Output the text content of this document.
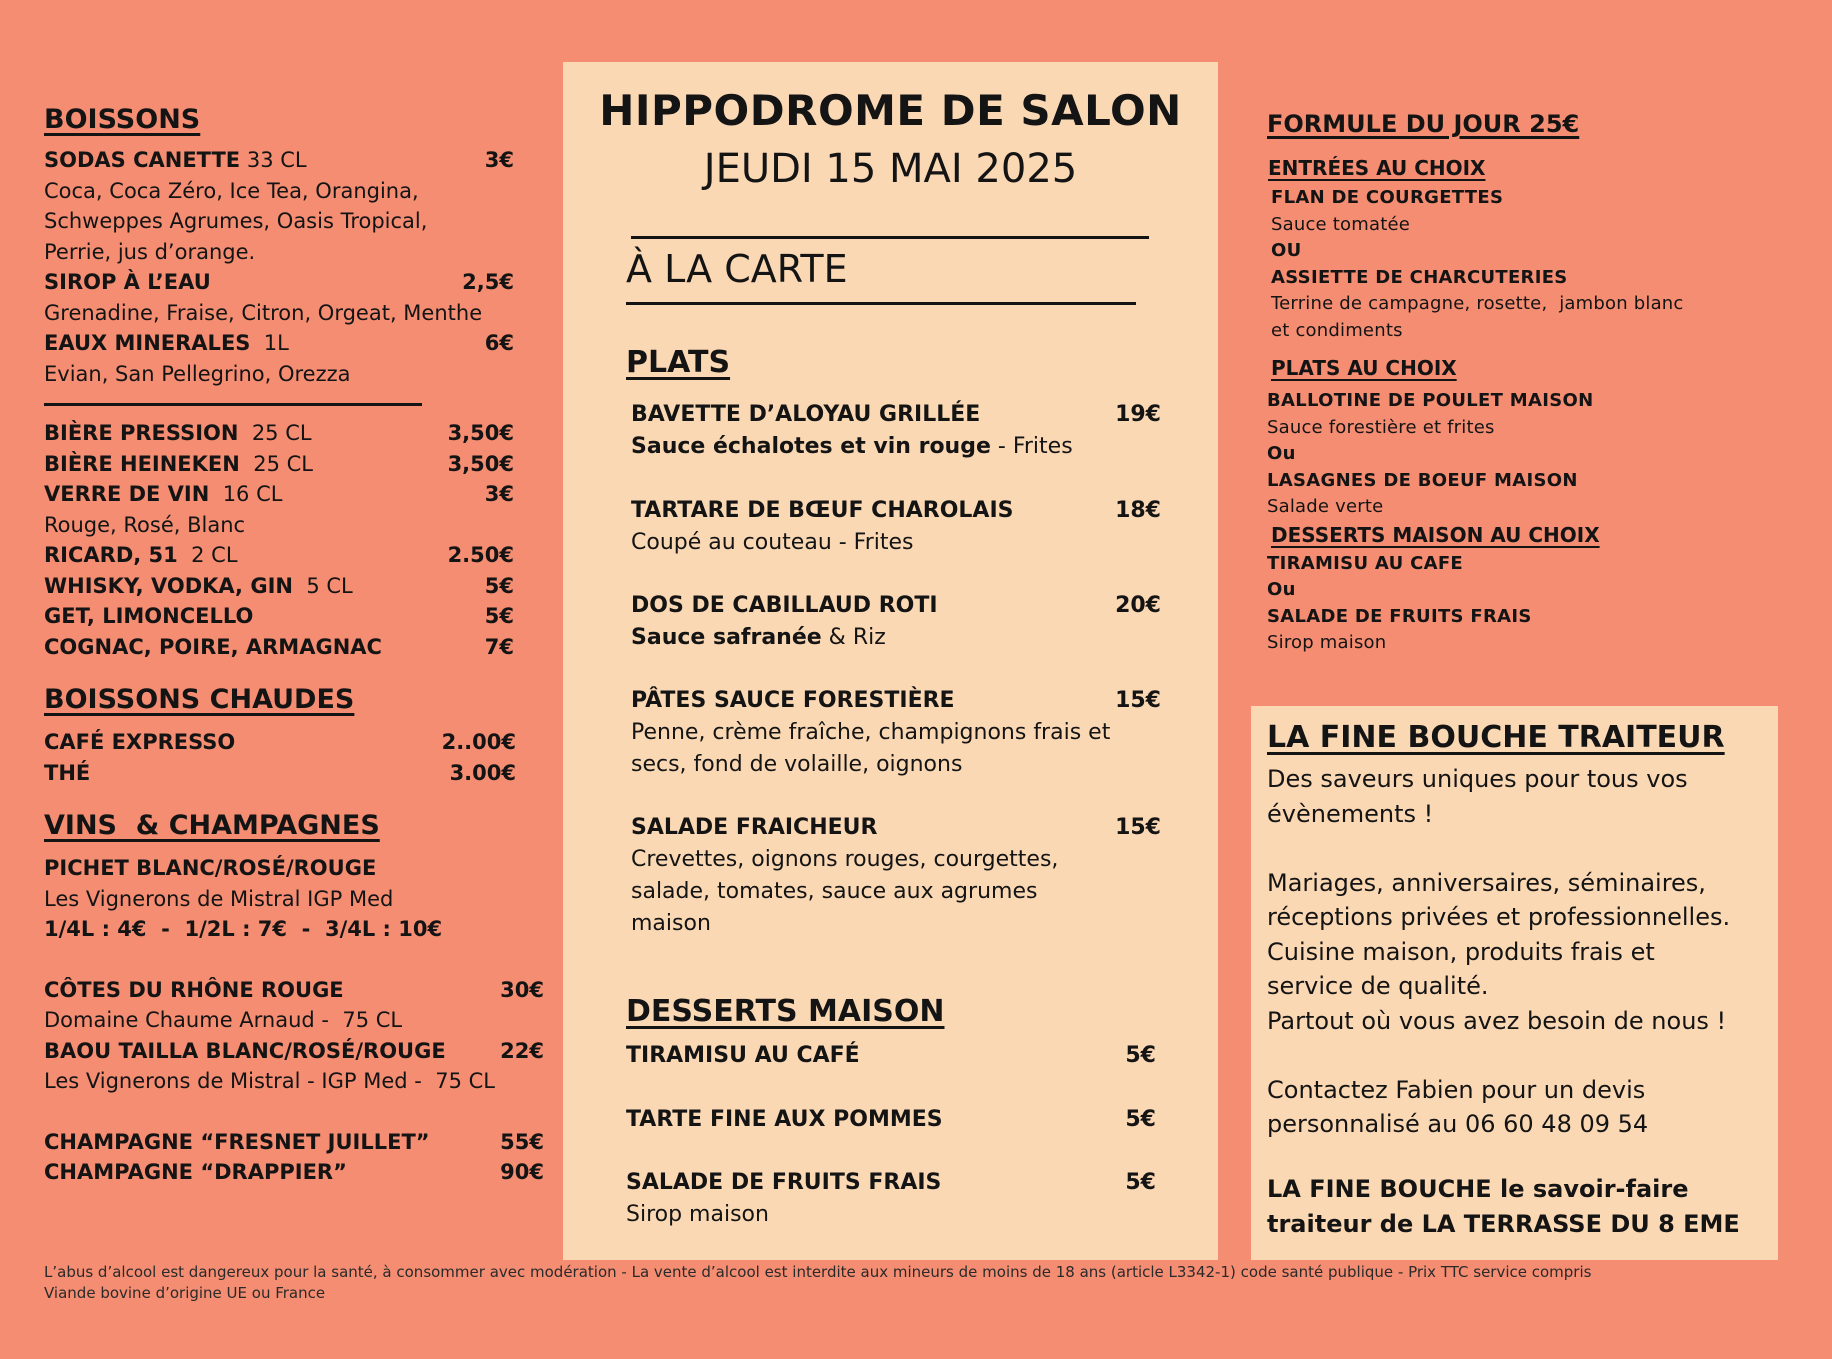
BOISSONS
SODAS CANETTE 33 CL	3€
Coca, Coca Zéro, Ice Tea, Orangina,
Schweppes Agrumes, Oasis Tropical,
Perrie, jus d’orange.
SIROP À L’EAU	2,5€
Grenadine, Fraise, Citron, Orgeat, Menthe
EAUX MINERALES 1L	6€
Evian, San Pellegrino, Orezza
BIÈRE PRESSION 25 CL	3,50€
BIÈRE HEINEKEN 25 CL	3,50€
VERRE DE VIN 16 CL	3€
Rouge, Rosé, Blanc
RICARD, 51 2 CL	2.50€
WHISKY, VODKA, GIN 5 CL	5€
GET, LIMONCELLO	5€
COGNAC, POIRE, ARMAGNAC	7€
BOISSONS CHAUDES
CAFÉ EXPRESSO	2..00€
THÉ	3.00€
VINS  & CHAMPAGNES
PICHET BLANC/ROSÉ/ROUGE
Les Vignerons de Mistral IGP Med
1/4L : 4€  -  1/2L : 7€  -  3/4L : 10€
CÔTES DU RHÔNE ROUGE	30€
Domaine Chaume Arnaud -  75 CL
BAOU TAILLA BLANC/ROSÉ/ROUGE	22€
Les Vignerons de Mistral - IGP Med -  75 CL
CHAMPAGNE “FRESNET JUILLET”	55€
CHAMPAGNE “DRAPPIER”	90€
HIPPODROME DE SALON
JEUDI 15 MAI 2025
À LA CARTE
PLATS
BAVETTE D’ALOYAU GRILLÉE	19€
Sauce échalotes et vin rouge - Frites
TARTARE DE BŒUF CHAROLAIS	18€
Coupé au couteau - Frites
DOS DE CABILLAUD ROTI	20€
Sauce safranée & Riz
PÂTES SAUCE FORESTIÈRE	15€
Penne, crème fraîche, champignons frais et
secs, fond de volaille, oignons
SALADE FRAICHEUR	15€
Crevettes, oignons rouges, courgettes,
salade, tomates, sauce aux agrumes
maison
DESSERTS MAISON
TIRAMISU AU CAFÉ	5€
TARTE FINE AUX POMMES	5€
SALADE DE FRUITS FRAIS	5€
Sirop maison
FORMULE DU JOUR 25€
ENTRÉES AU CHOIX
FLAN DE COURGETTES
Sauce tomatée
OU
ASSIETTE DE CHARCUTERIES
Terrine de campagne, rosette,  jambon blanc
et condiments
PLATS AU CHOIX
BALLOTINE DE POULET MAISON
Sauce forestière et frites
Ou
LASAGNES DE BOEUF MAISON
Salade verte
DESSERTS MAISON AU CHOIX
TIRAMISU AU CAFE
Ou
SALADE DE FRUITS FRAIS
Sirop maison
LA FINE BOUCHE TRAITEUR
Des saveurs uniques pour tous vos
évènements !
Mariages, anniversaires, séminaires,
réceptions privées et professionnelles.
Cuisine maison, produits frais et
service de qualité.
Partout où vous avez besoin de nous !
Contactez Fabien pour un devis
personnalisé au 06 60 48 09 54
LA FINE BOUCHE le savoir-faire
traiteur de LA TERRASSE DU 8 EME
L’abus d’alcool est dangereux pour la santé, à consommer avec modération - La vente d’alcool est interdite aux mineurs de moins de 18 ans (article L3342-1) code santé publique - Prix TTC service compris
Viande bovine d’origine UE ou France
